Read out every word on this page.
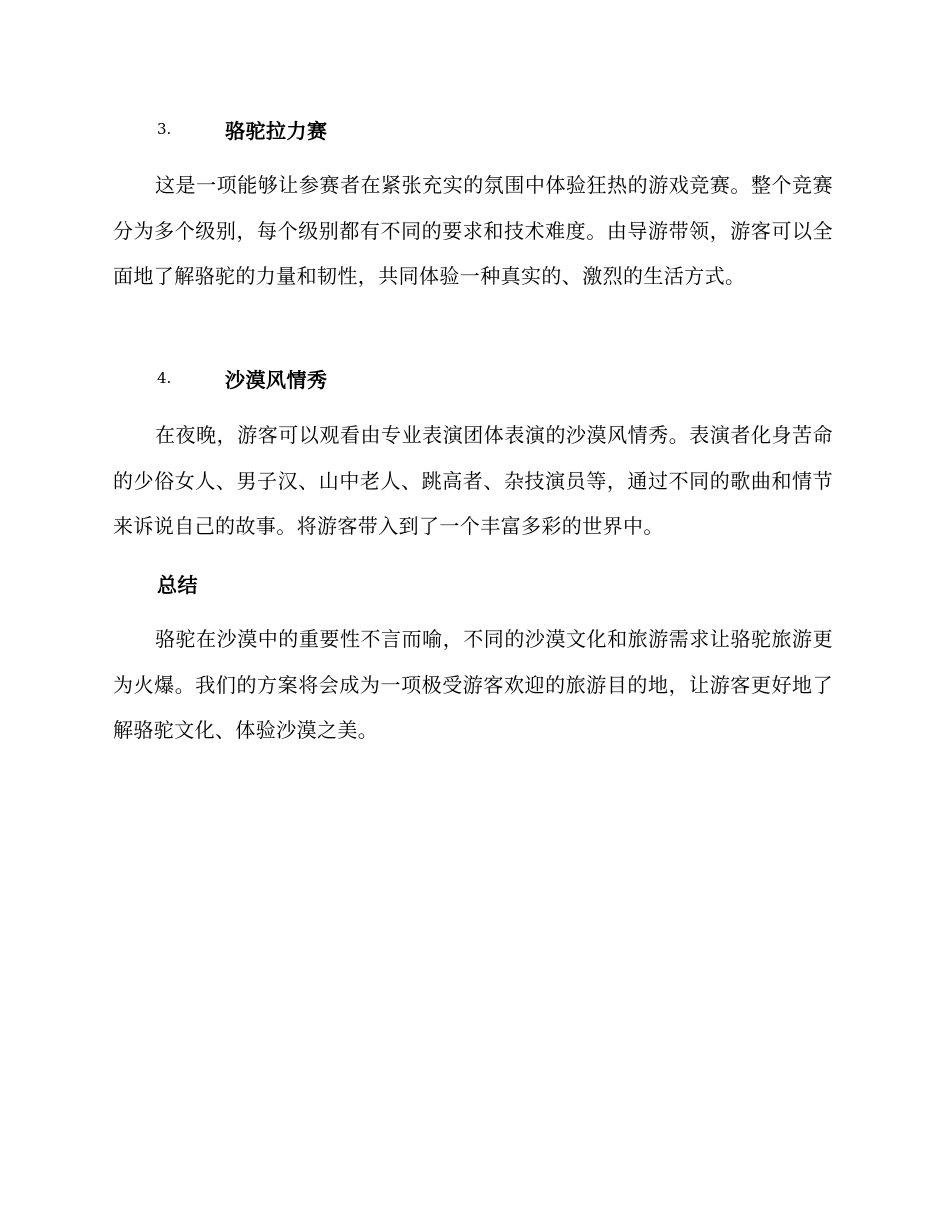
3.	骆驼拉力赛

这是一项能够让参赛者在紧张充实的氛围中体验狂热的游戏竞赛。整个竞赛分为多个级别，每个级别都有不同的要求和技术难度。由导游带领，游客可以全面地了解骆驼的力量和韧性，共同体验一种真实的、激烈的生活方式。

4.	沙漠风情秀

在夜晚，游客可以观看由专业表演团体表演的沙漠风情秀。表演者化身苦命的少俗女人、男子汉、山中老人、跳高者、杂技演员等，通过不同的歌曲和情节来诉说自己的故事。将游客带入到了一个丰富多彩的世界中。

总结

骆驼在沙漠中的重要性不言而喻，不同的沙漠文化和旅游需求让骆驼旅游更为火爆。我们的方案将会成为一项极受游客欢迎的旅游目的地，让游客更好地了解骆驼文化、体验沙漠之美。
